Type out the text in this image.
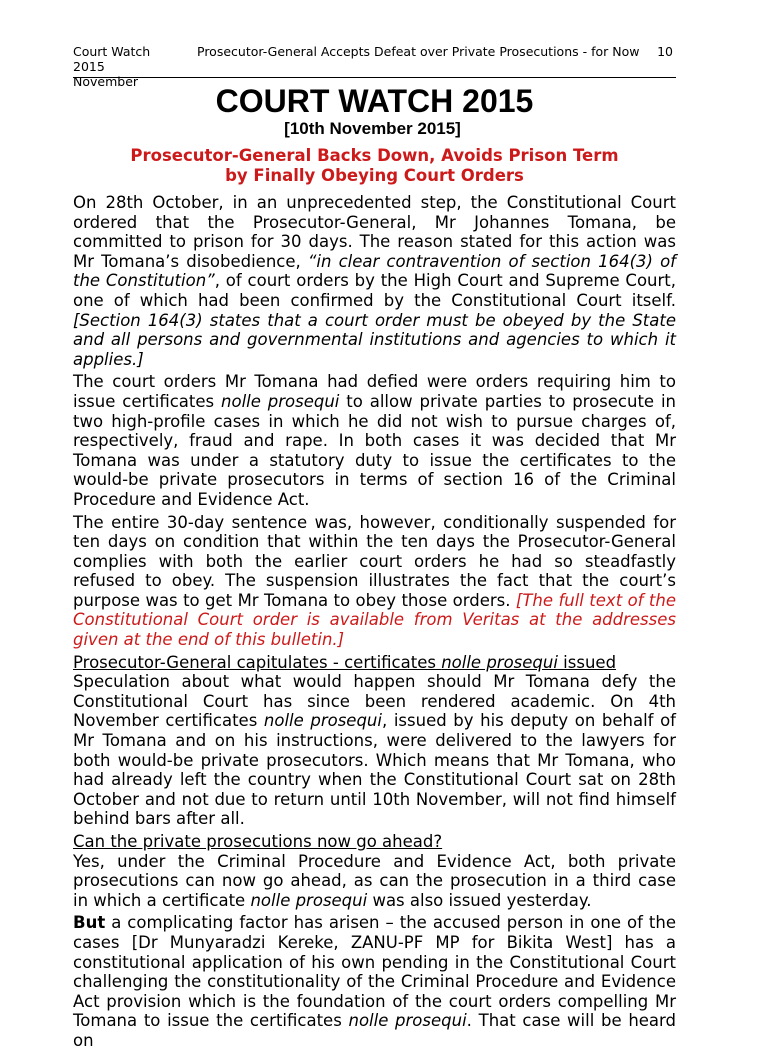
Court Watch 2015
November
Prosecutor-General Accepts Defeat over Private Prosecutions - for Now 10
COURT WATCH 2015
[10th November 2015]
Prosecutor-General Backs Down, Avoids Prison Term
by Finally Obeying Court Orders

On 28th October, in an unprecedented step, the Constitutional Court ordered that the Prosecutor-General, Mr Johannes Tomana, be committed to prison for 30 days. The reason stated for this action was Mr Tomana’s disobedience, “in clear contravention of section 164(3) of the Constitution”, of court orders by the High Court and Supreme Court, one of which had been confirmed by the Constitutional Court itself. [Section 164(3) states that a court order must be obeyed by the State and all persons and governmental institutions and agencies to which it applies.]

The court orders Mr Tomana had defied were orders requiring him to issue certificates nolle prosequi to allow private parties to prosecute in two high-profile cases in which he did not wish to pursue charges of, respectively, fraud and rape. In both cases it was decided that Mr Tomana was under a statutory duty to issue the certificates to the would-be private prosecutors in terms of section 16 of the Criminal Procedure and Evidence Act.

The entire 30-day sentence was, however, conditionally suspended for ten days on condition that within the ten days the Prosecutor-General complies with both the earlier court orders he had so steadfastly refused to obey. The suspension illustrates the fact that the court’s purpose was to get Mr Tomana to obey those orders. [The full text of the Constitutional Court order is available from Veritas at the addresses given at the end of this bulletin.]

Prosecutor-General capitulates - certificates nolle prosequi issued

Speculation about what would happen should Mr Tomana defy the Constitutional Court has since been rendered academic. On 4th November certificates nolle prosequi, issued by his deputy on behalf of Mr Tomana and on his instructions, were delivered to the lawyers for both would-be private prosecutors. Which means that Mr Tomana, who had already left the country when the Constitutional Court sat on 28th October and not due to return until 10th November, will not find himself behind bars after all.

Can the private prosecutions now go ahead?

Yes, under the Criminal Procedure and Evidence Act, both private prosecutions can now go ahead, as can the prosecution in a third case in which a certificate nolle prosequi was also issued yesterday.

But a complicating factor has arisen – the accused person in one of the cases [Dr Munyaradzi Kereke, ZANU-PF MP for Bikita West] has a constitutional application of his own pending in the Constitutional Court challenging the constitutionality of the Criminal Procedure and Evidence Act provision which is the foundation of the court orders compelling Mr Tomana to issue the certificates nolle prosequi. That case will be heard on
